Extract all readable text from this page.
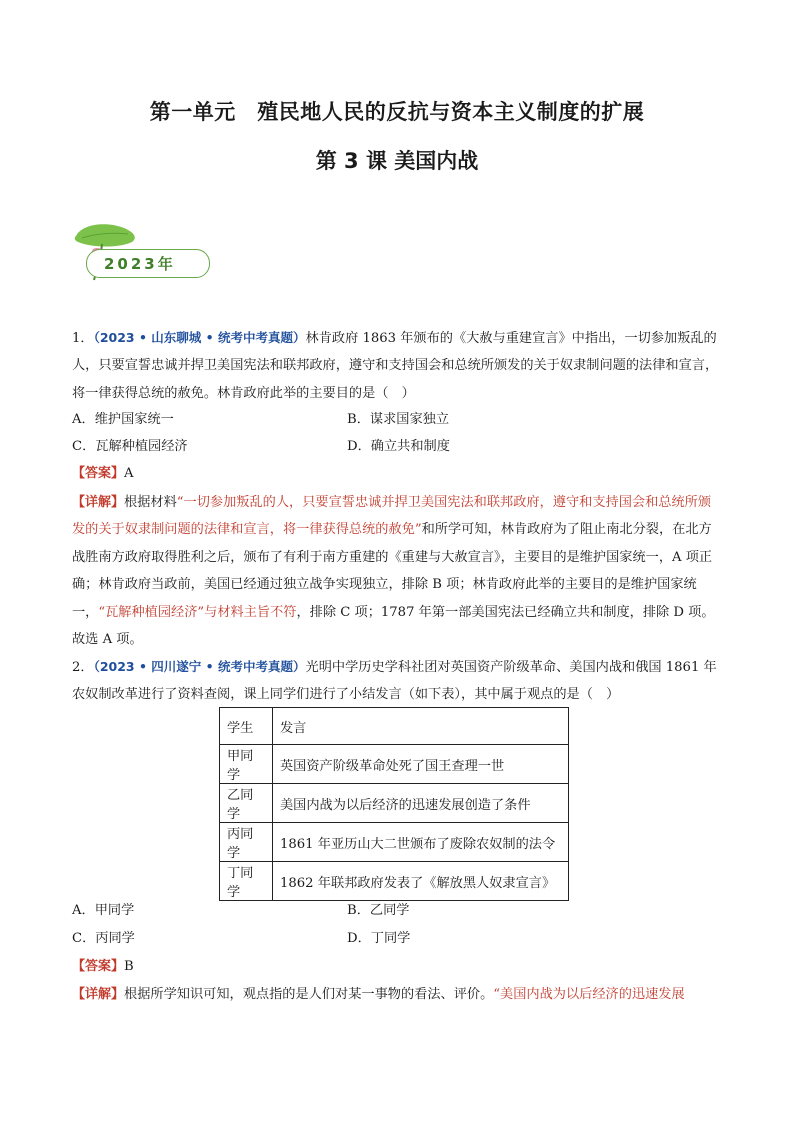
第一单元　殖民地人民的反抗与资本主义制度的扩展
第 3 课 美国内战
2023年
1．（2023 • 山东聊城 • 统考中考真题）林肯政府 1863 年颁布的《大赦与重建宣言》中指出，一切参加叛乱的人，只要宣誓忠诚并捍卫美国宪法和联邦政府，遵守和支持国会和总统所颁发的关于奴隶制问题的法律和宣言，将一律获得总统的赦免。林肯政府此举的主要目的是（　）
A．维护国家统一	B．谋求国家独立
C．瓦解种植园经济	D．确立共和制度
【答案】A
【详解】根据材料“一切参加叛乱的人，只要宣誓忠诚并捍卫美国宪法和联邦政府，遵守和支持国会和总统所颁发的关于奴隶制问题的法律和宣言，将一律获得总统的赦免”和所学可知，林肯政府为了阻止南北分裂，在北方战胜南方政府取得胜利之后，颁布了有利于南方重建的《重建与大赦宣言》，主要目的是维护国家统一，A 项正确；林肯政府当政前，美国已经通过独立战争实现独立，排除 B 项；林肯政府此举的主要目的是维护国家统一，“瓦解种植园经济”与材料主旨不符，排除 C 项；1787 年第一部美国宪法已经确立共和制度，排除 D 项。故选 A 项。
2．（2023 • 四川遂宁 • 统考中考真题）光明中学历史学科社团对英国资产阶级革命、美国内战和俄国 1861 年农奴制改革进行了资料查阅，课上同学们进行了小结发言（如下表），其中属于观点的是（　）
学生	发言
甲同学	英国资产阶级革命处死了国王查理一世
乙同学	美国内战为以后经济的迅速发展创造了条件
丙同学	1861 年亚历山大二世颁布了废除农奴制的法令
丁同学	1862 年联邦政府发表了《解放黑人奴隶宣言》
A．甲同学	B．乙同学
C．丙同学	D．丁同学
【答案】B
【详解】根据所学知识可知，观点指的是人们对某一事物的看法、评价。“美国内战为以后经济的迅速发展
